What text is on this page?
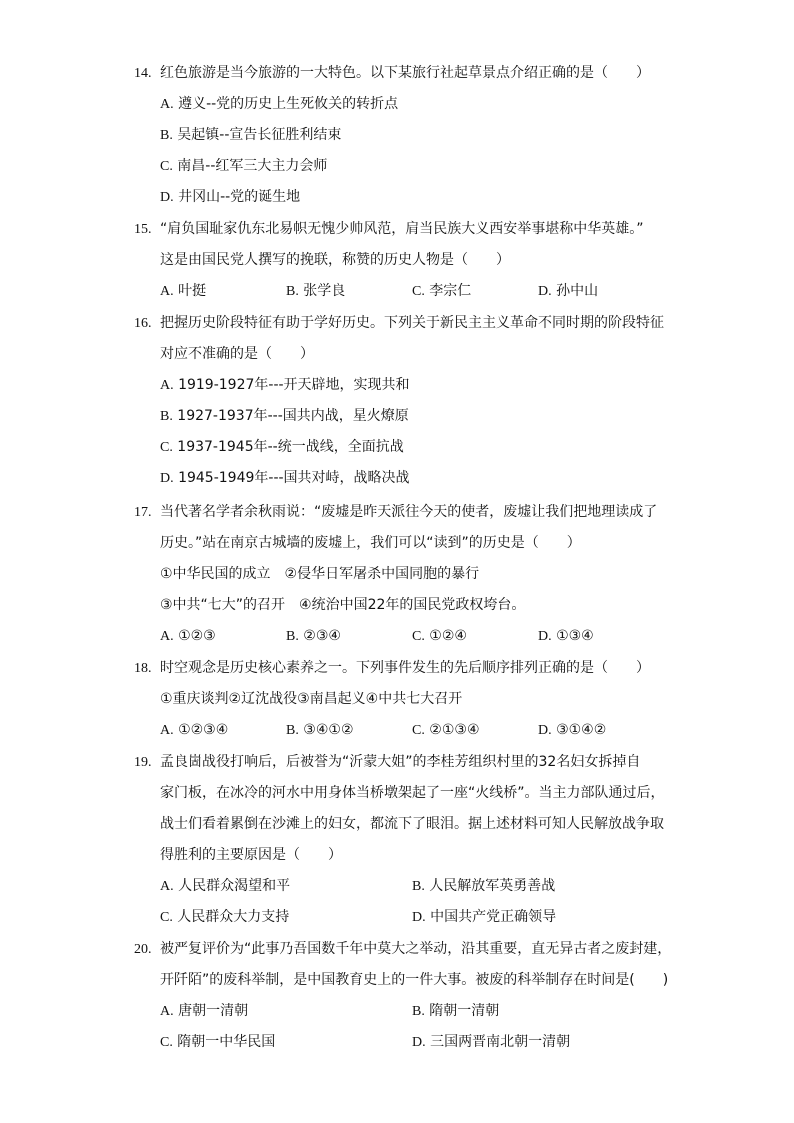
14. 红色旅游是当今旅游的一大特色。以下某旅行社起草景点介绍正确的是（　　）
A. 遵义--党的历史上生死攸关的转折点
B. 吴起镇--宣告长征胜利结束
C. 南昌--红军三大主力会师
D. 井冈山--党的诞生地
15. “肩负国耻家仇东北易帜无愧少帅风范，肩当民族大义西安举事堪称中华英雄。”
这是由国民党人撰写的挽联，称赞的历史人物是（　　）
A. 叶挺	B. 张学良	C. 李宗仁	D. 孙中山
16. 把握历史阶段特征有助于学好历史。下列关于新民主主义革命不同时期的阶段特征
对应不准确的是（　　）
A. 1919-1927年---开天辟地，实现共和
B. 1927-1937年---国共内战，星火燎原
C. 1937-1945年--统一战线，全面抗战
D. 1945-1949年---国共对峙，战略决战
17. 当代著名学者余秋雨说：“废墟是昨天派往今天的使者，废墟让我们把地理读成了
历史。”站在南京古城墙的废墟上，我们可以“读到”的历史是（　　）
①中华民国的成立　②侵华日军屠杀中国同胞的暴行
③中共“七大”的召开　④统治中国22年的国民党政权垮台。
A. ①②③	B. ②③④	C. ①②④	D. ①③④
18. 时空观念是历史核心素养之一。下列事件发生的先后顺序排列正确的是（　　）
①重庆谈判②辽沈战役③南昌起义④中共七大召开
A. ①②③④	B. ③④①②	C. ②①③④	D. ③①④②
19. 孟良崮战役打响后，后被誉为“沂蒙大姐”的李桂芳组织村里的32名妇女拆掉自
家门板，在冰冷的河水中用身体当桥墩架起了一座“火线桥”。当主力部队通过后，
战士们看着累倒在沙滩上的妇女，都流下了眼泪。据上述材料可知人民解放战争取
得胜利的主要原因是（　　）
A. 人民群众渴望和平	B. 人民解放军英勇善战
C. 人民群众大力支持	D. 中国共产党正确领导
20. 被严复评价为“此事乃吾国数千年中莫大之举动，沿其重要，直无异古者之废封建，
开阡陌”的废科举制，是中国教育史上的一件大事。被废的科举制存在时间是(　　)
A. 唐朝一清朝	B. 隋朝一清朝
C. 隋朝一中华民国	D. 三国两晋南北朝一清朝
